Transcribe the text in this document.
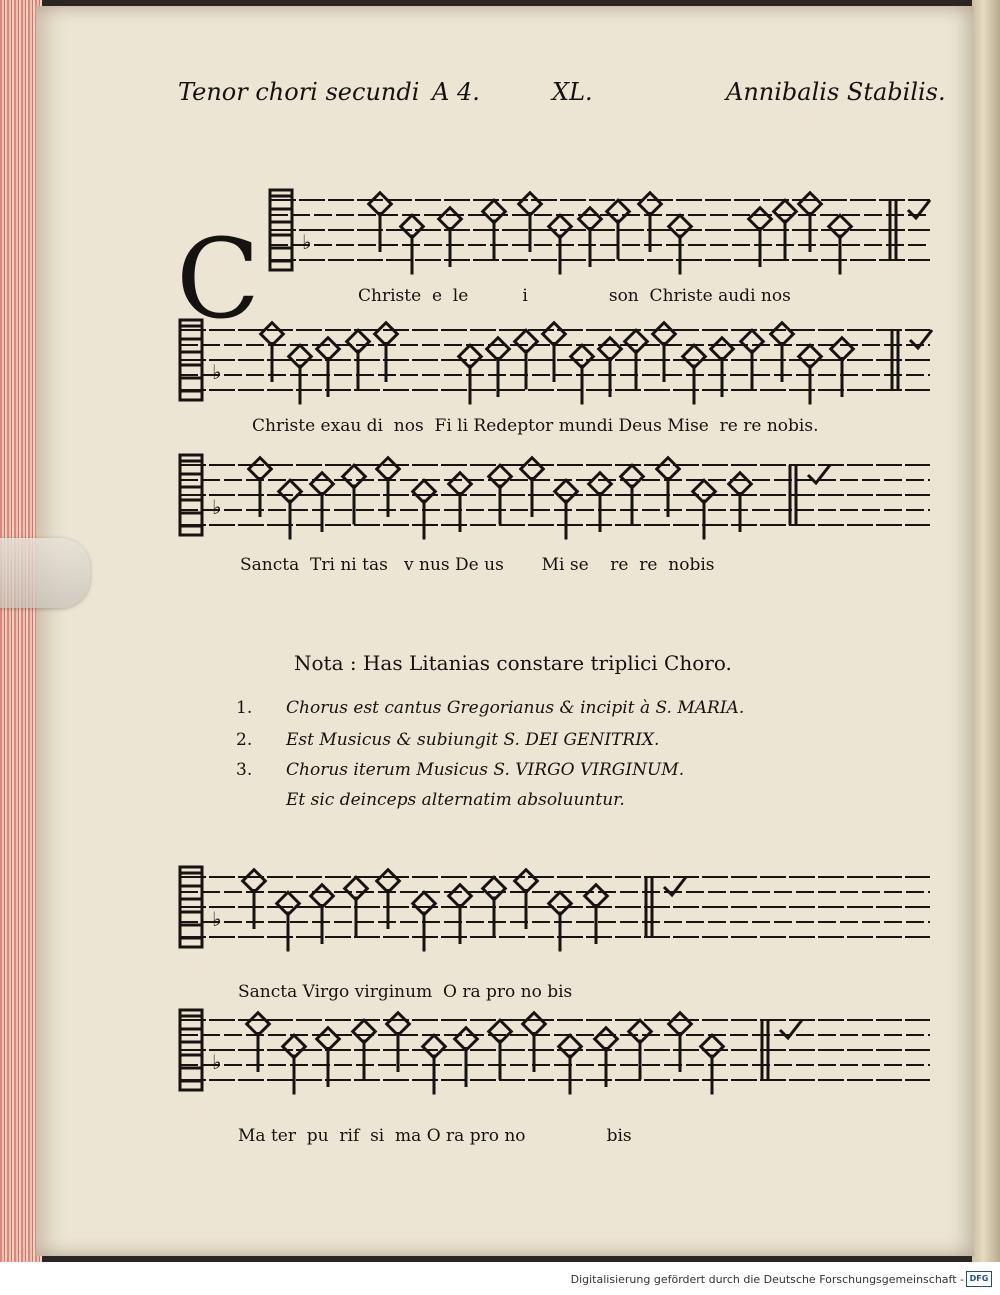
Tenor chori secundi A 4.	XL.	Annibalis Stabilis.
C ♭
♭
♭
♭
♭
Christe  e  le          i               son  Christe audi nos
Christe exau di  nos  Fi li Redeptor mundi Deus Mise  re re nobis.
Sancta  Tri ni tas   v nus De us       Mi se    re  re  nobis
Sancta Virgo virginum  O ra pro no bis
Ma ter  pu  rif  si  ma O ra pro no               bis
Nota : Has Litanias constare triplici Choro.
1. Chorus est cantus Gregorianus & incipit à S. MARIA.
2. Est Musicus & subiungit S. DEI GENITRIX.
3. Chorus iterum Musicus S. VIRGO VIRGINUM.
Et sic deinceps alternatim absoluuntur.
Digitalisierung gefördert durch die Deutsche Forschungsgemeinschaft - DFG
